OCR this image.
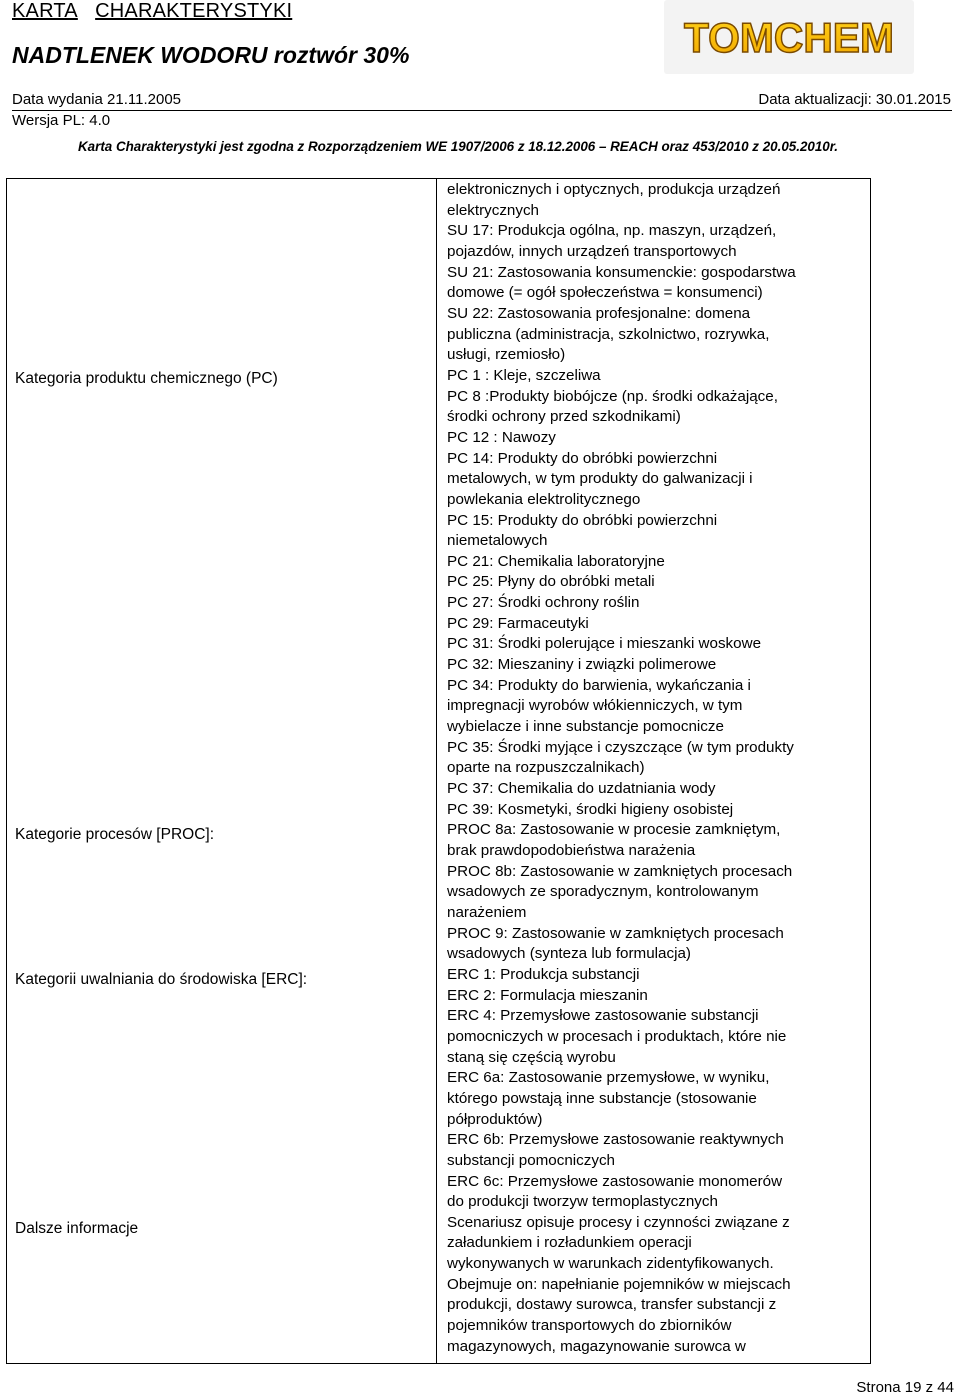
KARTA CHARAKTERYSTYKI
NADTLENEK WODORU roztwór 30%
Data wydania 21.11.2005
Wersja PL: 4.0
Data aktualizacji: 30.01.2015
Karta Charakterystyki jest zgodna z Rozporządzeniem WE 1907/2006 z 18.12.2006 – REACH oraz 453/2010 z 20.05.2010r.
TOMCHEM
Kategoria produktu chemicznego (PC)
Kategorie procesów [PROC]:
Kategorii uwalniania do środowiska [ERC]:
Dalsze informacje
elektronicznych i optycznych, produkcja urządzeń
elektrycznych
SU 17: Produkcja ogólna, np. maszyn, urządzeń,
pojazdów, innych urządzeń transportowych
SU 21: Zastosowania konsumenckie: gospodarstwa
domowe (= ogół społeczeństwa = konsumenci)
SU 22: Zastosowania profesjonalne: domena
publiczna (administracja, szkolnictwo, rozrywka,
usługi, rzemiosło)
PC 1 : Kleje, szczeliwa
PC 8 :Produkty biobójcze (np. środki odkażające,
środki ochrony przed szkodnikami)
PC 12 : Nawozy
PC 14: Produkty do obróbki powierzchni
metalowych, w tym produkty do galwanizacji i
powlekania elektrolitycznego
PC 15: Produkty do obróbki powierzchni
niemetalowych
PC 21: Chemikalia laboratoryjne
PC 25: Płyny do obróbki metali
PC 27: Środki ochrony roślin
PC 29: Farmaceutyki
PC 31: Środki polerujące i mieszanki woskowe
PC 32: Mieszaniny i związki polimerowe
PC 34: Produkty do barwienia, wykańczania i
impregnacji wyrobów włókienniczych, w tym
wybielacze i inne substancje pomocnicze
PC 35: Środki myjące i czyszczące (w tym produkty
oparte na rozpuszczalnikach)
PC 37: Chemikalia do uzdatniania wody
PC 39: Kosmetyki, środki higieny osobistej
PROC 8a: Zastosowanie w procesie zamkniętym,
brak prawdopodobieństwa narażenia
PROC 8b: Zastosowanie w zamkniętych procesach
wsadowych ze sporadycznym, kontrolowanym
narażeniem
PROC 9: Zastosowanie w zamkniętych procesach
wsadowych (synteza lub formulacja)
ERC 1: Produkcja substancji
ERC 2: Formulacja mieszanin
ERC 4: Przemysłowe zastosowanie substancji
pomocniczych w procesach i produktach, które nie
staną się częścią wyrobu
ERC 6a: Zastosowanie przemysłowe, w wyniku,
którego powstają inne substancje (stosowanie
półproduktów)
ERC 6b: Przemysłowe zastosowanie reaktywnych
substancji pomocniczych
ERC 6c: Przemysłowe zastosowanie monomerów
do produkcji tworzyw termoplastycznych
Scenariusz opisuje procesy i czynności związane z
załadunkiem i rozładunkiem operacji
wykonywanych w warunkach zidentyfikowanych.
Obejmuje on: napełnianie pojemników w miejscach
produkcji, dostawy surowca, transfer substancji z
pojemników transportowych do zbiorników
magazynowych, magazynowanie surowca w
Strona 19 z 44
